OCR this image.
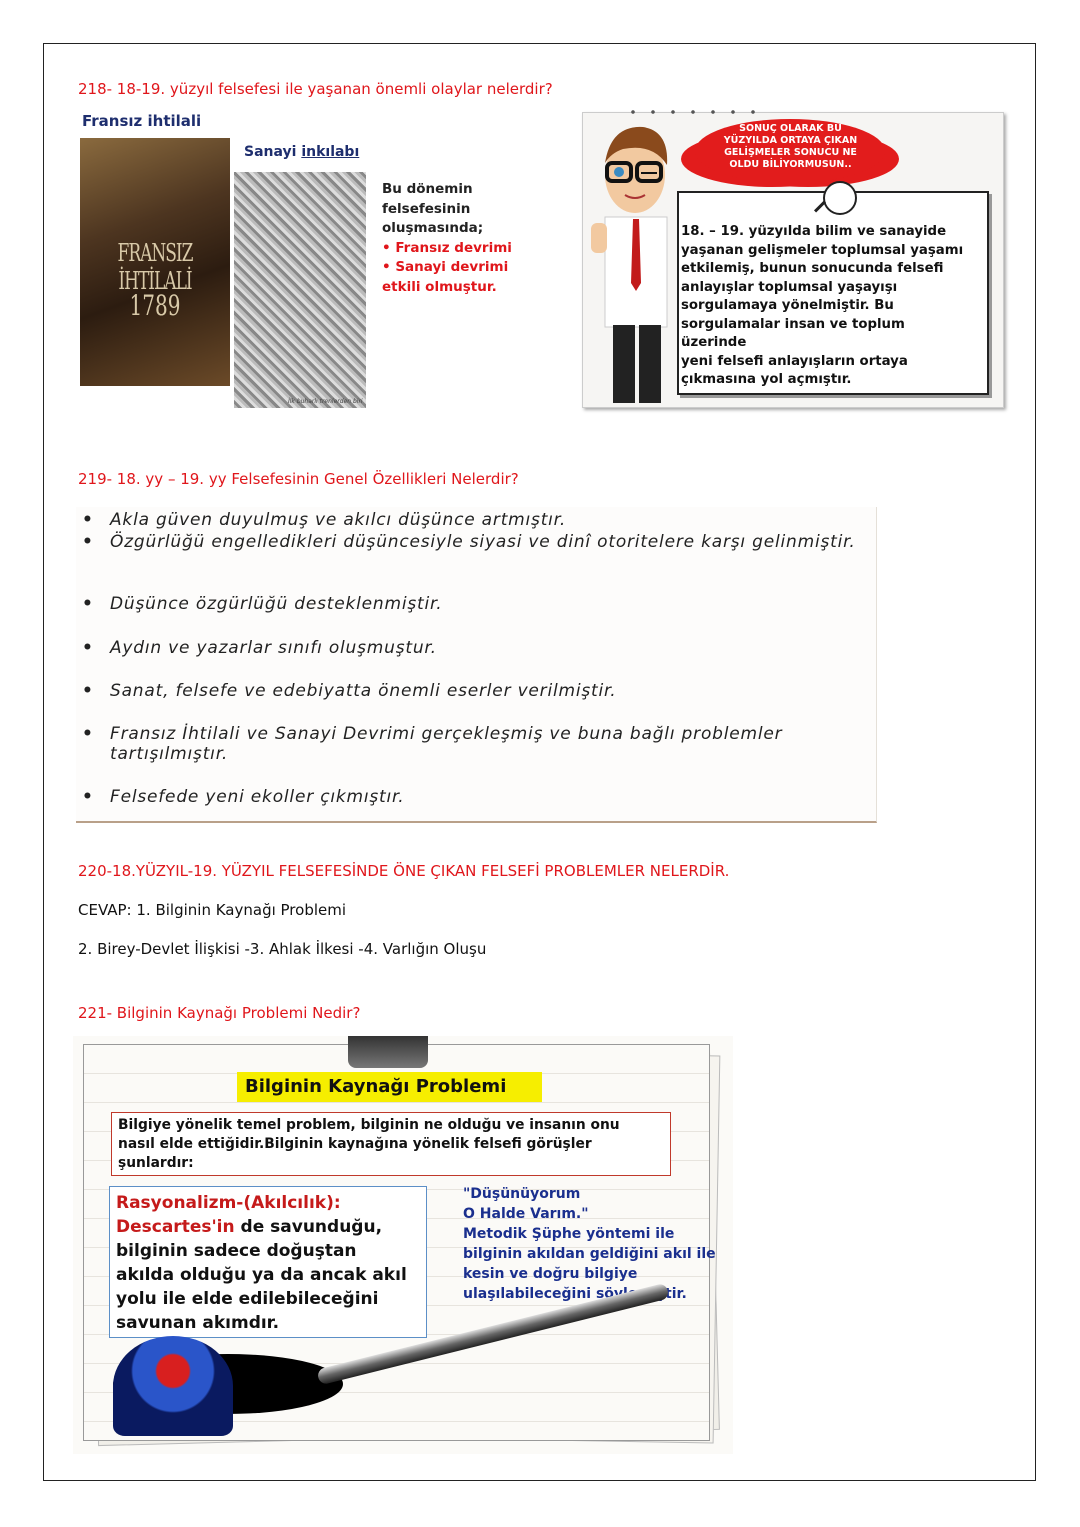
218- 18-19. yüzyıl felsefesi ile yaşanan önemli olaylar nelerdir?
Fransız ihtilali
FRANSIZ İHTİLALİ
1789
Sanayi inkılabı
İlk buharlı trenlerden biri
Bu dönemin
felsefesinin
oluşmasında;
• Fransız devrimi
• Sanayi devrimi
etkili olmuştur.
SONUÇ OLARAK BU
YÜZYILDA ORTAYA ÇIKAN
GELİŞMELER SONUCU NE
OLDU BİLİYORMUSUN..
18. – 19. yüzyılda bilim ve sanayide
yaşanan gelişmeler toplumsal yaşamı
etkilemiş, bunun sonucunda felsefi
anlayışlar toplumsal yaşayışı
sorgulamaya yönelmiştir. Bu
sorgulamalar insan ve toplum üzerinde
yeni felsefi anlayışların ortaya
çıkmasına yol açmıştır.
219- 18. yy – 19. yy Felsefesinin Genel Özellikleri Nelerdir?
• Akla güven duyulmuş ve akılcı düşünce artmıştır.
• Özgürlüğü engelledikleri düşüncesiyle siyasi ve dinî otoritelere karşı gelinmiştir.
• Düşünce özgürlüğü desteklenmiştir.
• Aydın ve yazarlar sınıfı oluşmuştur.
• Sanat, felsefe ve edebiyatta önemli eserler verilmiştir.
• Fransız İhtilali ve Sanayi Devrimi gerçekleşmiş ve buna bağlı problemler tartışılmıştır.
• Felsefede yeni ekoller çıkmıştır.
220-18.YÜZYIL-19. YÜZYIL FELSEFESİNDE ÖNE ÇIKAN FELSEFİ PROBLEMLER NELERDİR.
CEVAP: 1. Bilginin Kaynağı Problemi
2. Birey-Devlet İlişkisi -3. Ahlak İlkesi -4. Varlığın Oluşu
221- Bilginin Kaynağı Problemi Nedir?
Bilginin Kaynağı Problemi

Bilgiye yönelik temel problem, bilginin ne olduğu ve insanın onu
nasıl elde ettiğidir.Bilginin kaynağına yönelik felsefi görüşler
şunlardır:

Rasyonalizm-(Akılcılık):
Descartes'in de savunduğu,
bilginin sadece doğuştan
akılda olduğu ya da ancak akıl
yolu ile elde edilebileceğini
savunan akımdır.

"Düşünüyorum
O Halde Varım."
Metodik Şüphe yöntemi ile
bilginin akıldan geldiğini akıl ile
kesin ve doğru bilgiye
ulaşılabileceğini söylemiştir.
